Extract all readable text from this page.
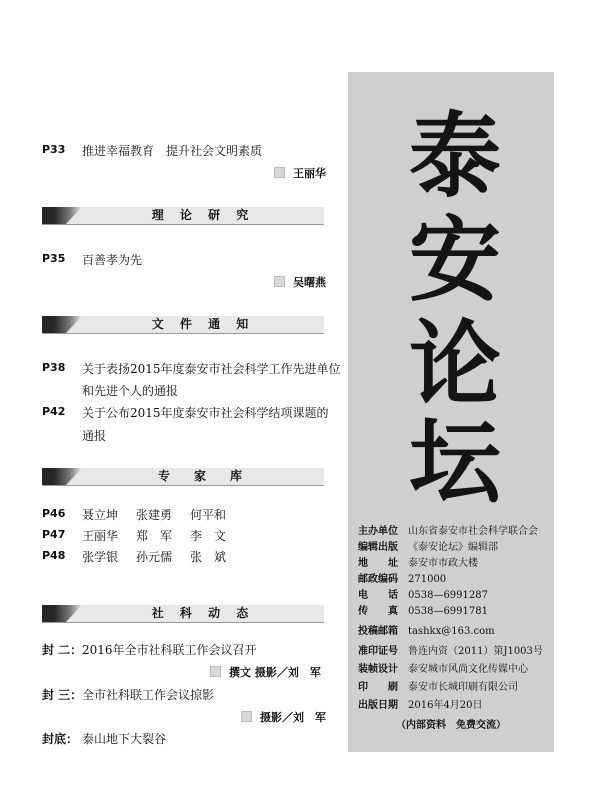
P33 推进幸福教育　提升社会文明素质
王丽华
理 论 研 究
P35 百善孝为先
吴曙燕
文 件 通 知
P38 关于表扬2015年度泰安市社会科学工作先进单位
和先进个人的通报
P42 关于公布2015年度泰安市社会科学结项课题的
通报
专　家　库
P46 聂立坤 张建勇 何平和
P47 王丽华 郑　军 李　文
P48 张学银 孙元儒 张　斌
社 科 动 态
封 二： 2016年全市社科联工作会议召开
撰文 摄影／刘　军
封 三： 全市社科联工作会议掠影
摄影／刘　军
封底： 泰山地下大裂谷
泰
安
论
坛
主办单位 山东省泰安市社会科学联合会
编辑出版 《泰安论坛》编辑部
地　　址 泰安市市政大楼
邮政编码 271000
电　　话 0538—6991287
传　　真 0538—6991781
投稿邮箱 tashkx@163.com
准印证号 鲁连内资（2011）第J1003号
装帧设计 泰安城市风尚文化传媒中心
印　　刷 泰安市长城印刷有限公司
出版日期 2016年4月20日
（内部资料　免费交流）
